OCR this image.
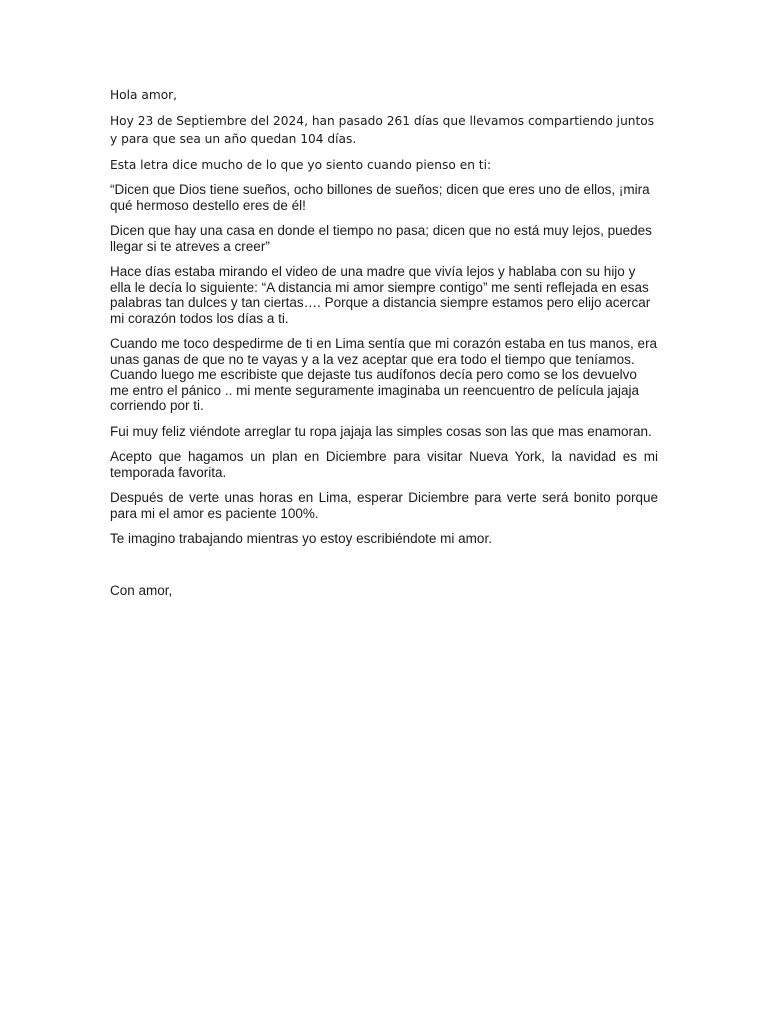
Hola amor,

Hoy 23 de Septiembre del 2024, han pasado 261 días que llevamos compartiendo juntos y para que sea un año quedan 104 días.

Esta letra dice mucho de lo que yo siento cuando pienso en ti:

“Dicen que Dios tiene sueños, ocho billones de sueños; dicen que eres uno de ellos, ¡mira qué hermoso destello eres de él!

Dicen que hay una casa en donde el tiempo no pasa; dicen que no está muy lejos, puedes llegar si te atreves a creer”

Hace días estaba mirando el video de una madre que vivía lejos y hablaba con su hijo y ella le decía lo siguiente: “A distancia mi amor siempre contigo” me senti reflejada en esas palabras tan dulces y tan ciertas…. Porque a distancia siempre estamos pero elijo acercar mi corazón todos los días a ti.

Cuando me toco despedirme de ti en Lima sentía que mi corazón estaba en tus manos, era unas ganas de que no te vayas y a la vez aceptar que era todo el tiempo que teníamos. Cuando luego me escribiste que dejaste tus audífonos decía pero como se los devuelvo me entro el pánico .. mi mente seguramente imaginaba un reencuentro de película jajaja corriendo por ti.

Fui muy feliz viéndote arreglar tu ropa jajaja las simples cosas son las que mas enamoran.

Acepto que hagamos un plan en Diciembre para visitar Nueva York, la navidad es mi temporada favorita.

Después de verte unas horas en Lima, esperar Diciembre para verte será bonito porque para mi el amor es paciente 100%.

Te imagino trabajando mientras yo estoy escribiéndote mi amor.

Con amor,
